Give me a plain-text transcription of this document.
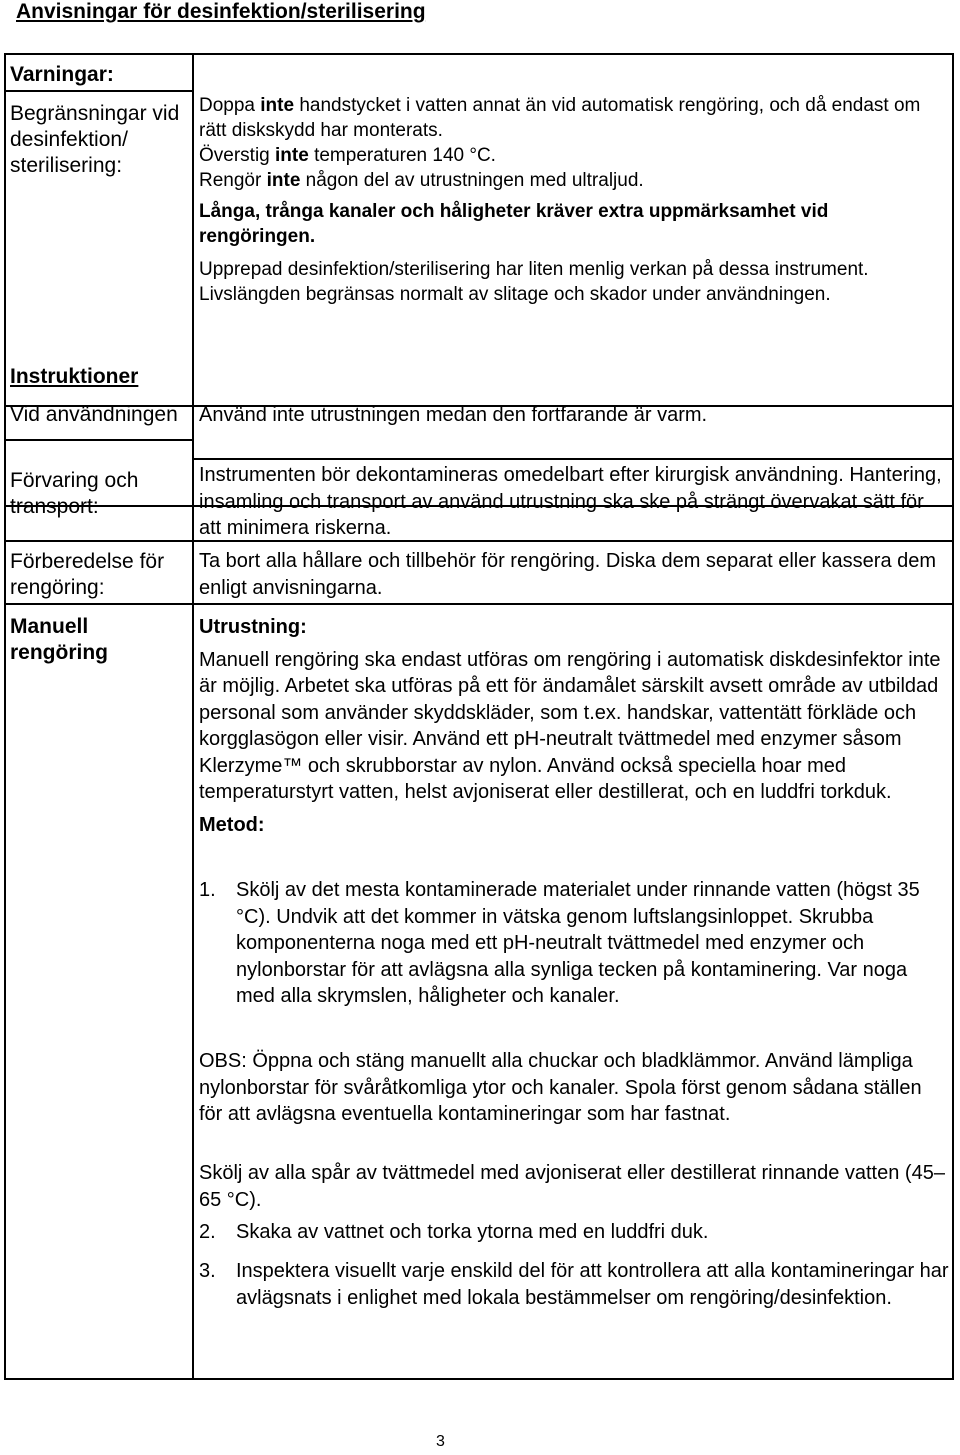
Anvisningar för desinfektion/sterilisering
Varningar:
Begränsningar vid desinfektion/ sterilisering:
Instruktioner
Vid användningen
Förvaring och transport:
Förberedelse för rengöring:
Manuell rengöring

Doppa inte handstycket i vatten annat än vid automatisk rengöring, och då endast om rätt diskskydd har monterats.

Överstig inte temperaturen 140 °C.

Rengör inte någon del av utrustningen med ultraljud.

Långa, trånga kanaler och håligheter kräver extra uppmärksamhet vid rengöringen.

Upprepad desinfektion/sterilisering har liten menlig verkan på dessa instrument. Livslängden begränsas normalt av slitage och skador under användningen.

Använd inte utrustningen medan den fortfarande är varm.
Instrumenten bör dekontamineras omedelbart efter kirurgisk användning. Hantering, insamling och transport av använd utrustning ska ske på strängt övervakat sätt för att minimera riskerna.
Ta bort alla hållare och tillbehör för rengöring. Diska dem separat eller kassera dem enligt anvisningarna.

Utrustning:

Manuell rengöring ska endast utföras om rengöring i automatisk diskdesinfektor inte är möjlig. Arbetet ska utföras på ett för ändamålet särskilt avsett område av utbildad personal som använder skyddskläder, som t.ex. handskar, vattentätt förkläde och korgglasögon eller visir. Använd ett pH-neutralt tvättmedel med enzymer såsom Klerzyme™ och skrubborstar av nylon. Använd också speciella hoar med temperaturstyrt vatten, helst avjoniserat eller destillerat, och en luddfri torkduk.

Metod:

1. Skölj av det mesta kontaminerade materialet under rinnande vatten (högst 35 °C). Undvik att det kommer in vätska genom luftslangsinloppet. Skrubba komponenterna noga med ett pH-neutralt tvättmedel med enzymer och nylonborstar för att avlägsna alla synliga tecken på kontaminering. Var noga med alla skrymslen, håligheter och kanaler.
OBS: Öppna och stäng manuellt alla chuckar och bladklämmor. Använd lämpliga nylonborstar för svåråtkomliga ytor och kanaler. Spola först genom sådana ställen för att avlägsna eventuella kontamineringar som har fastnat.
Skölj av alla spår av tvättmedel med avjoniserat eller destillerat rinnande vatten (45–65 °C).
2. Skaka av vattnet och torka ytorna med en luddfri duk.
3. Inspektera visuellt varje enskild del för att kontrollera att alla kontamineringar har avlägsnats i enlighet med lokala bestämmelser om rengöring/desinfektion.
3
